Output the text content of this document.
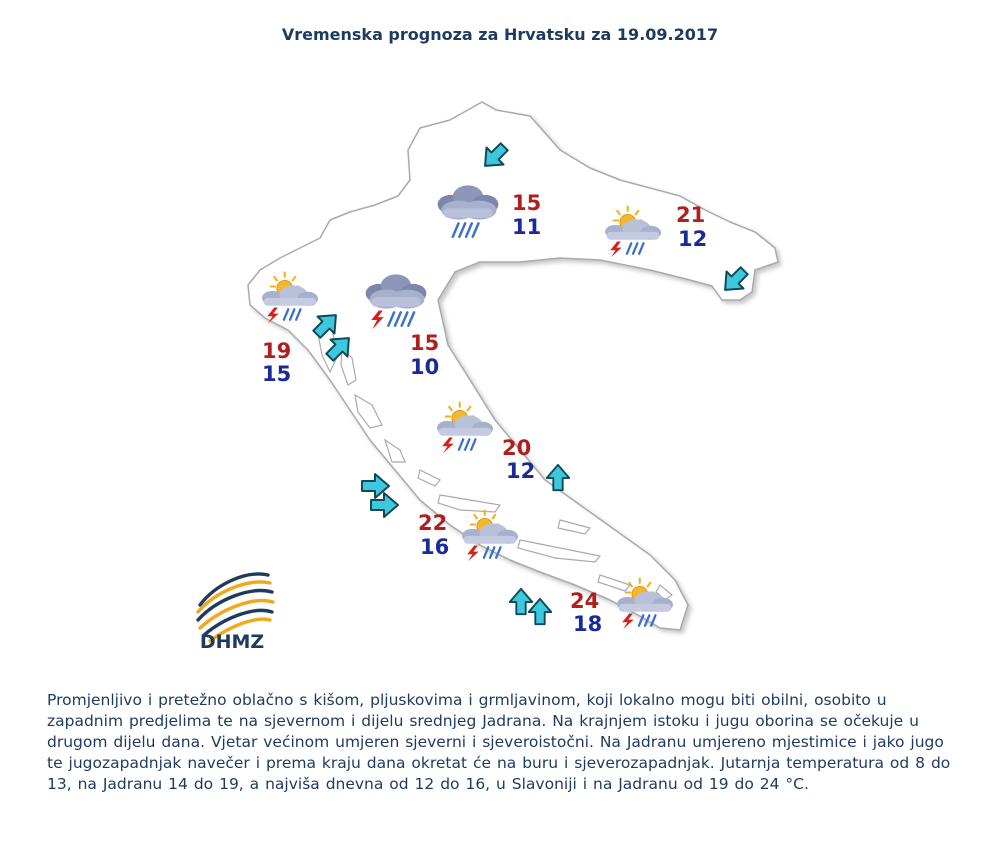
Vremenska prognoza za Hrvatsku za 19.09.2017
DHMZ
15
11	21
12
19
15
15
10
20
12
22
16
24
18

Promjenljivo i pretežno oblačno s kišom, pljuskovima i grmljavinom, koji lokalno mogu biti obilni, osobito u zapadnim predjelima te na sjevernom i dijelu srednjeg Jadrana. Na krajnjem istoku i jugu oborina se očekuje u drugom dijelu dana. Vjetar većinom umjeren sjeverni i sjeveroistočni. Na Jadranu umjereno mjestimice i jako jugo te jugozapadnjak navečer i prema kraju dana okretat će na buru i sjeverozapadnjak. Jutarnja temperatura od 8 do 13, na Jadranu 14 do 19, a najviša dnevna od 12 do 16, u Slavoniji i na Jadranu od 19 do 24 °C.
